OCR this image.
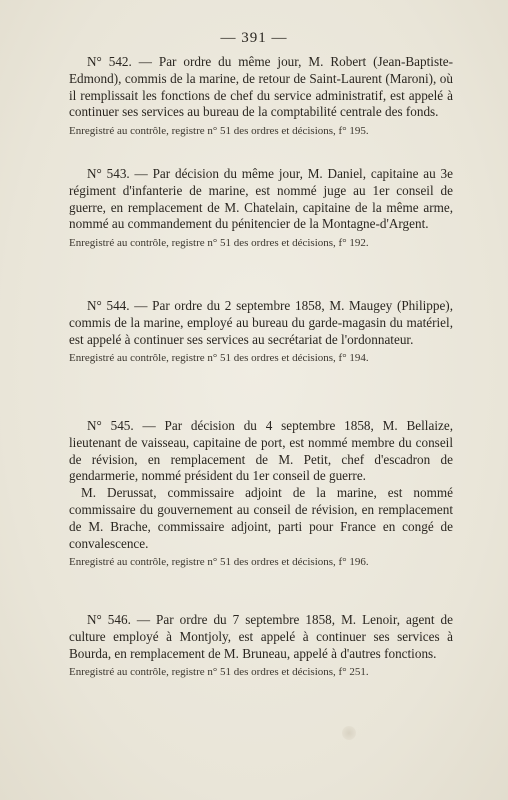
— 391 —

N° 542. — Par ordre du même jour, M. Robert (Jean-Baptiste-Edmond), commis de la marine, de retour de Saint-Laurent (Maroni), où il remplissait les fonctions de chef du service administratif, est appelé à continuer ses services au bureau de la comptabilité centrale des fonds.

Enregistré au contrôle, registre n° 51 des ordres et décisions, f° 195.

N° 543. — Par décision du même jour, M. Daniel, capitaine au 3e régiment d'infanterie de marine, est nommé juge au 1er conseil de guerre, en remplacement de M. Chatelain, capitaine de la même arme, nommé au commandement du pénitencier de la Montagne-d'Argent.

Enregistré au contrôle, registre n° 51 des ordres et décisions, f° 192.

N° 544. — Par ordre du 2 septembre 1858, M. Maugey (Philippe), commis de la marine, employé au bureau du garde-magasin du matériel, est appelé à continuer ses services au secrétariat de l'ordonnateur.

Enregistré au contrôle, registre n° 51 des ordres et décisions, f° 194.

N° 545. — Par décision du 4 septembre 1858, M. Bellaize, lieutenant de vaisseau, capitaine de port, est nommé membre du conseil de révision, en remplacement de M. Petit, chef d'escadron de gendarmerie, nommé président du 1er conseil de guerre.

M. Derussat, commissaire adjoint de la marine, est nommé commissaire du gouvernement au conseil de révision, en remplacement de M. Brache, commissaire adjoint, parti pour France en congé de convalescence.

Enregistré au contrôle, registre n° 51 des ordres et décisions, f° 196.

N° 546. — Par ordre du 7 septembre 1858, M. Lenoir, agent de culture employé à Montjoly, est appelé à continuer ses services à Bourda, en remplacement de M. Bruneau, appelé à d'autres fonctions.

Enregistré au contrôle, registre n° 51 des ordres et décisions, f° 251.
